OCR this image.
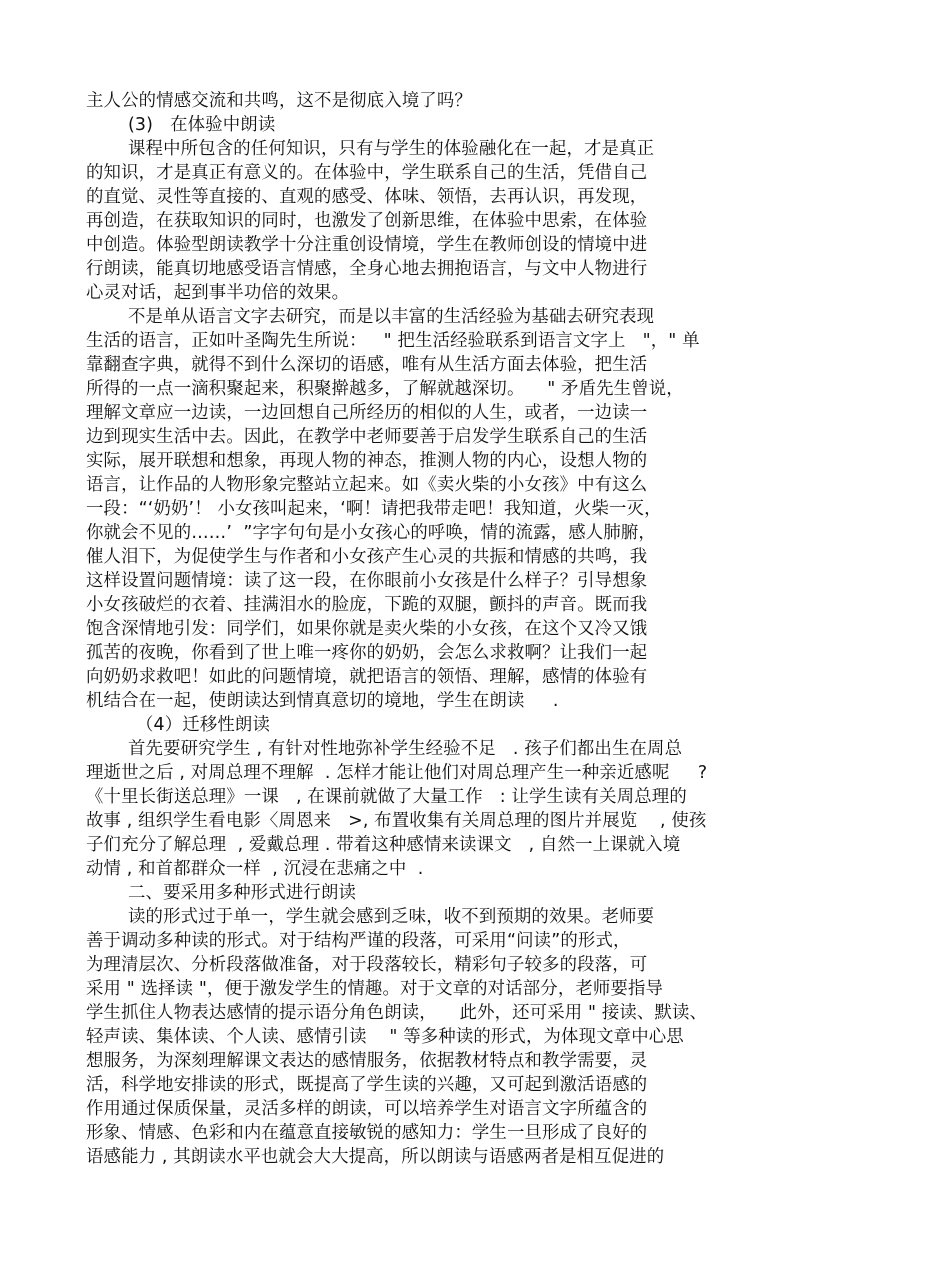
主人公的情感交流和共鸣，这不是彻底入境了吗？
(3)   在体验中朗读
课程中所包含的任何知识，只有与学生的体验融化在一起，才是真正
的知识，才是真正有意义的。在体验中，学生联系自己的生活，凭借自己
的直觉、灵性等直接的、直观的感受、体味、领悟，去再认识，再发现，
再创造，在获取知识的同时，也激发了创新思维，在体验中思索，在体验
中创造。体验型朗读教学十分注重创设情境，学生在教师创设的情境中进
行朗读，能真切地感受语言情感，全身心地去拥抱语言，与文中人物进行
心灵对话，起到事半功倍的效果。
不是单从语言文字去研究，而是以丰富的生活经验为基础去研究表现
生活的语言，正如叶圣陶先生所说：   " 把生活经验联系到语言文字上   "，" 单
靠翻查字典，就得不到什么深切的语感，唯有从生活方面去体验，把生活
所得的一点一滴积聚起来，积聚擀越多，了解就越深切。    " 矛盾先生曾说，
理解文章应一边读，一边回想自己所经历的相似的人生，或者，一边读一
边到现实生活中去。因此，在教学中老师要善于启发学生联系自己的生活
实际，展开联想和想象，再现人物的神态，推测人物的内心，设想人物的
语言，让作品的人物形象完整站立起来。如《卖火柴的小女孩》中有这么
一段：“‘奶奶’！ 小女孩叫起来，‘啊！请把我带走吧！我知道，火柴一灭，
你就会不见的……’  ”字字句句是小女孩心的呼唤，情的流露，感人肺腑，
催人泪下，为促使学生与作者和小女孩产生心灵的共振和情感的共鸣，我
这样设置问题情境：读了这一段，在你眼前小女孩是什么样子？引导想象
小女孩破烂的衣着、挂满泪水的脸庞，下跪的双腿，颤抖的声音。既而我
饱含深情地引发：同学们，如果你就是卖火柴的小女孩，在这个又冷又饿
孤苦的夜晚，你看到了世上唯一疼你的奶奶，会怎么求救啊？让我们一起
向奶奶求救吧！如此的问题情境，就把语言的领悟、理解，感情的体验有
机结合在一起，使朗读达到情真意切的境地，学生在朗读     .
（4）迁移性朗读
首先要研究学生 , 有针对性地弥补学生经验不足   . 孩子们都出生在周总
理逝世之后 , 对周总理不理解  . 怎样才能让他们对周总理产生一种亲近感呢     ?
《十里长街送总理》一课   , 在课前就做了大量工作   : 让学生读有关周总理的
故事 , 组织学生看电影〈周恩来   >, 布置收集有关周总理的图片并展览    , 使孩
子们充分了解总理  , 爱戴总理 . 带着这种感情来读课文   , 自然一上课就入境
动情 , 和首都群众一样  , 沉浸在悲痛之中  .
二、要采用多种形式进行朗读
读的形式过于单一，学生就会感到乏味，收不到预期的效果。老师要
善于调动多种读的形式。对于结构严谨的段落，可采用“问读”的形式，
为理清层次、分析段落做准备，对于段落较长，精彩句子较多的段落，可
采用 " 选择读 "，便于激发学生的情趣。对于文章的对话部分，老师要指导
学生抓住人物表达感情的提示语分角色朗读，    此外，还可采用 " 接读、默读、
轻声读、集体读、个人读、感情引读    " 等多种读的形式，为体现文章中心思
想服务，为深刻理解课文表达的感情服务，依据教材特点和教学需要，灵
活，科学地安排读的形式，既提高了学生读的兴趣，又可起到激活语感的
作用通过保质保量，灵活多样的朗读，可以培养学生对语言文字所蕴含的
形象、情感、色彩和内在蕴意直接敏锐的感知力：学生一旦形成了良好的
语感能力 , 其朗读水平也就会大大提高，所以朗读与语感两者是相互促进的
